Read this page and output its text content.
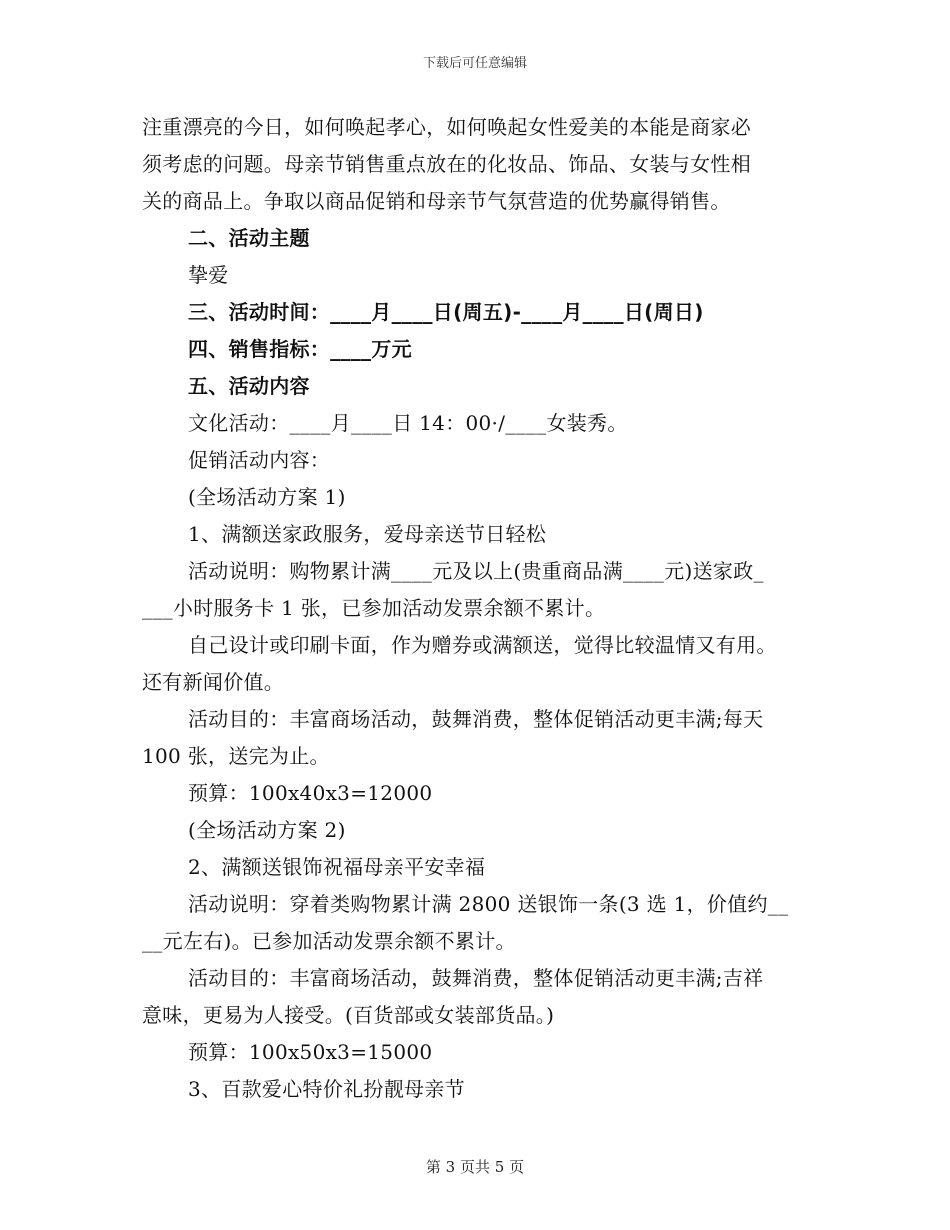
下载后可任意编辑
注重漂亮的今日，如何唤起孝心，如何唤起女性爱美的本能是商家必
须考虑的问题。母亲节销售重点放在的化妆品、饰品、女装与女性相
关的商品上。争取以商品促销和母亲节气氛营造的优势赢得销售。
二、活动主题
挚爱
三、活动时间：____月____日(周五)-____月____日(周日)
四、销售指标：____万元
五、活动内容
文化活动：____月____日 14：00·/____女装秀。
促销活动内容：
(全场活动方案 1)
1、满额送家政服务，爱母亲送节日轻松
活动说明：购物累计满____元及以上(贵重商品满____元)送家政_
___小时服务卡 1 张，已参加活动发票余额不累计。
自己设计或印刷卡面，作为赠券或满额送，觉得比较温情又有用。
还有新闻价值。
活动目的：丰富商场活动，鼓舞消费，整体促销活动更丰满;每天
100 张，送完为止。
预算：100x40x3=12000
(全场活动方案 2)
2、满额送银饰祝福母亲平安幸福
活动说明：穿着类购物累计满 2800 送银饰一条(3 选 1，价值约__
__元左右)。已参加活动发票余额不累计。
活动目的：丰富商场活动，鼓舞消费，整体促销活动更丰满;吉祥
意味，更易为人接受。(百货部或女装部货品。)
预算：100x50x3=15000
3、百款爱心特价礼扮靓母亲节
第 3 页共 5 页
